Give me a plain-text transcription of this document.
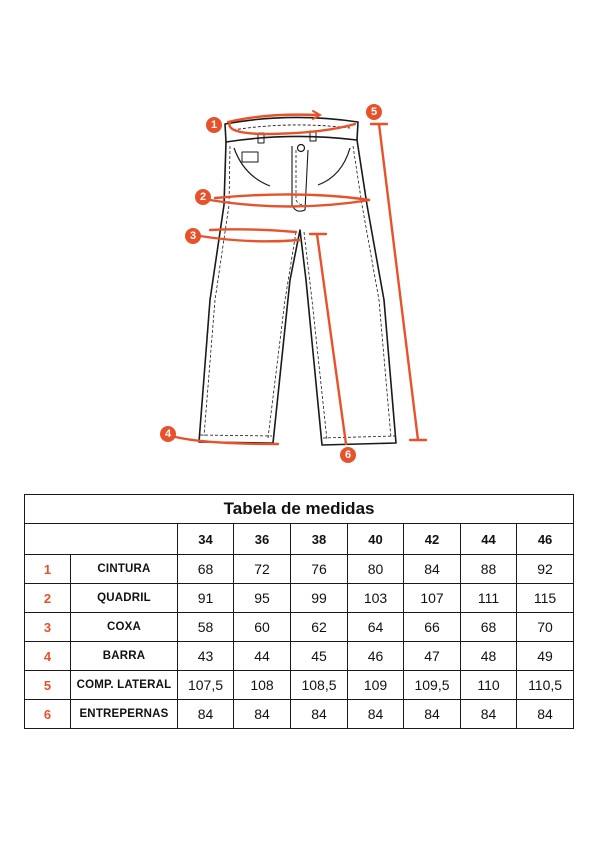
1
2
3
4
5
6
Tabela de medidas								
		34	36	38	40	42	44	46
1	CINTURA	68	72	76	80	84	88	92
2	QUADRIL	91	95	99	103	107	111	115
3	COXA	58	60	62	64	66	68	70
4	BARRA	43	44	45	46	47	48	49
5	COMP. LATERAL	107,5	108	108,5	109	109,5	110	110,5
6	ENTREPERNAS	84	84	84	84	84	84	84
